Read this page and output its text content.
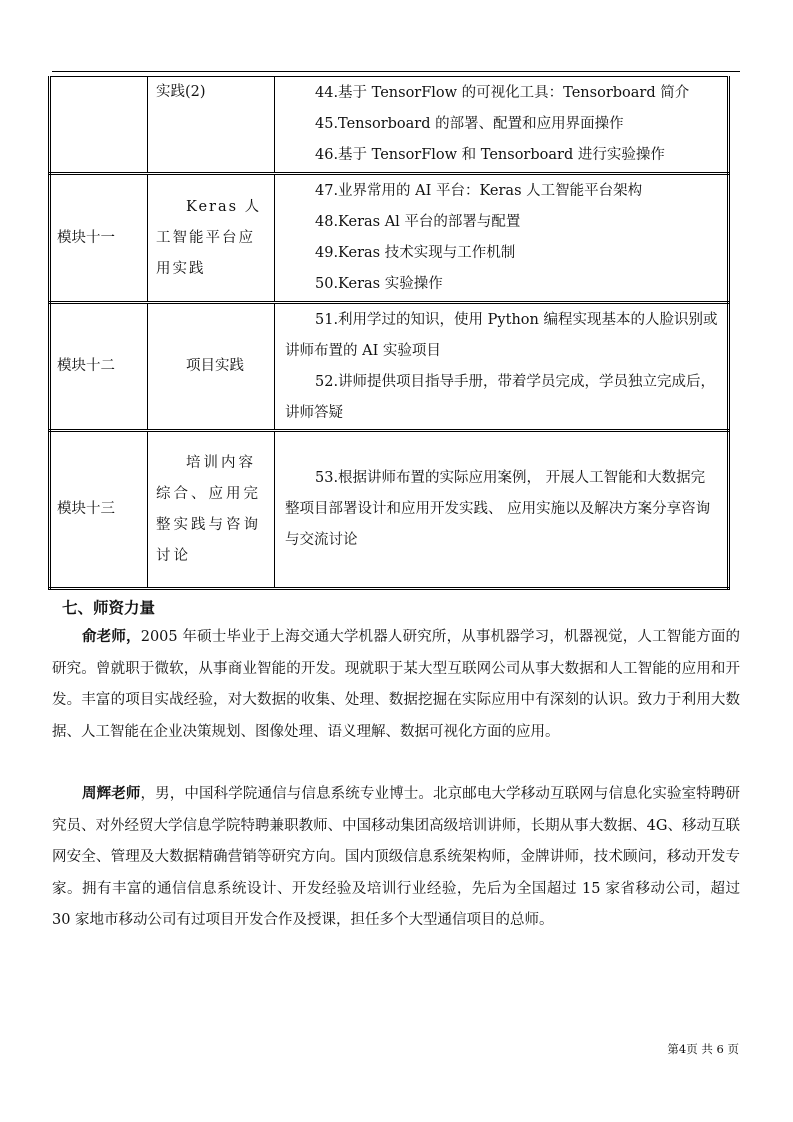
	实践(2)	44.基于 TensorFlow 的可视化工具：Tensorboard 简介
45.Tensorboard 的部署、配置和应用界面操作
46.基于 TensorFlow 和 Tensorboard 进行实验操作

模块十一	Keras 人工智能平台应用实践	47.业界常用的 AI 平台：Keras 人工智能平台架构
48.Keras Al 平台的部署与配置
49.Keras 技术实现与工作机制
50.Keras 实验操作

模块十二	项目实践	51.利用学过的知识，使用 Python 编程实现基本的人脸识别或讲师布置的 AI 实验项目
52.讲师提供项目指导手册，带着学员完成，学员独立完成后，讲师答疑

模块十三	培训内容综合、应用完整实践与咨询讨论	53.根据讲师布置的实际应用案例， 开展人工智能和大数据完整项目部署设计和应用开发实践、 应用实施以及解决方案分享咨询与交流讨论
七、师资力量

俞老师，2005 年硕士毕业于上海交通大学机器人研究所，从事机器学习，机器视觉，人工智能方面的研究。曾就职于微软，从事商业智能的开发。现就职于某大型互联网公司从事大数据和人工智能的应用和开发。丰富的项目实战经验，对大数据的收集、处理、数据挖掘在实际应用中有深刻的认识。致力于利用大数据、人工智能在企业决策规划、图像处理、语义理解、数据可视化方面的应用。

周辉老师，男，中国科学院通信与信息系统专业博士。北京邮电大学移动互联网与信息化实验室特聘研究员、对外经贸大学信息学院特聘兼职教师、中国移动集团高级培训讲师，长期从事大数据、4G、移动互联网安全、管理及大数据精确营销等研究方向。国内顶级信息系统架构师，金牌讲师，技术顾问，移动开发专家。拥有丰富的通信信息系统设计、开发经验及培训行业经验，先后为全国超过 15 家省移动公司，超过 30 家地市移动公司有过项目开发合作及授课，担任多个大型通信项目的总师。

第4页 共 6 页
